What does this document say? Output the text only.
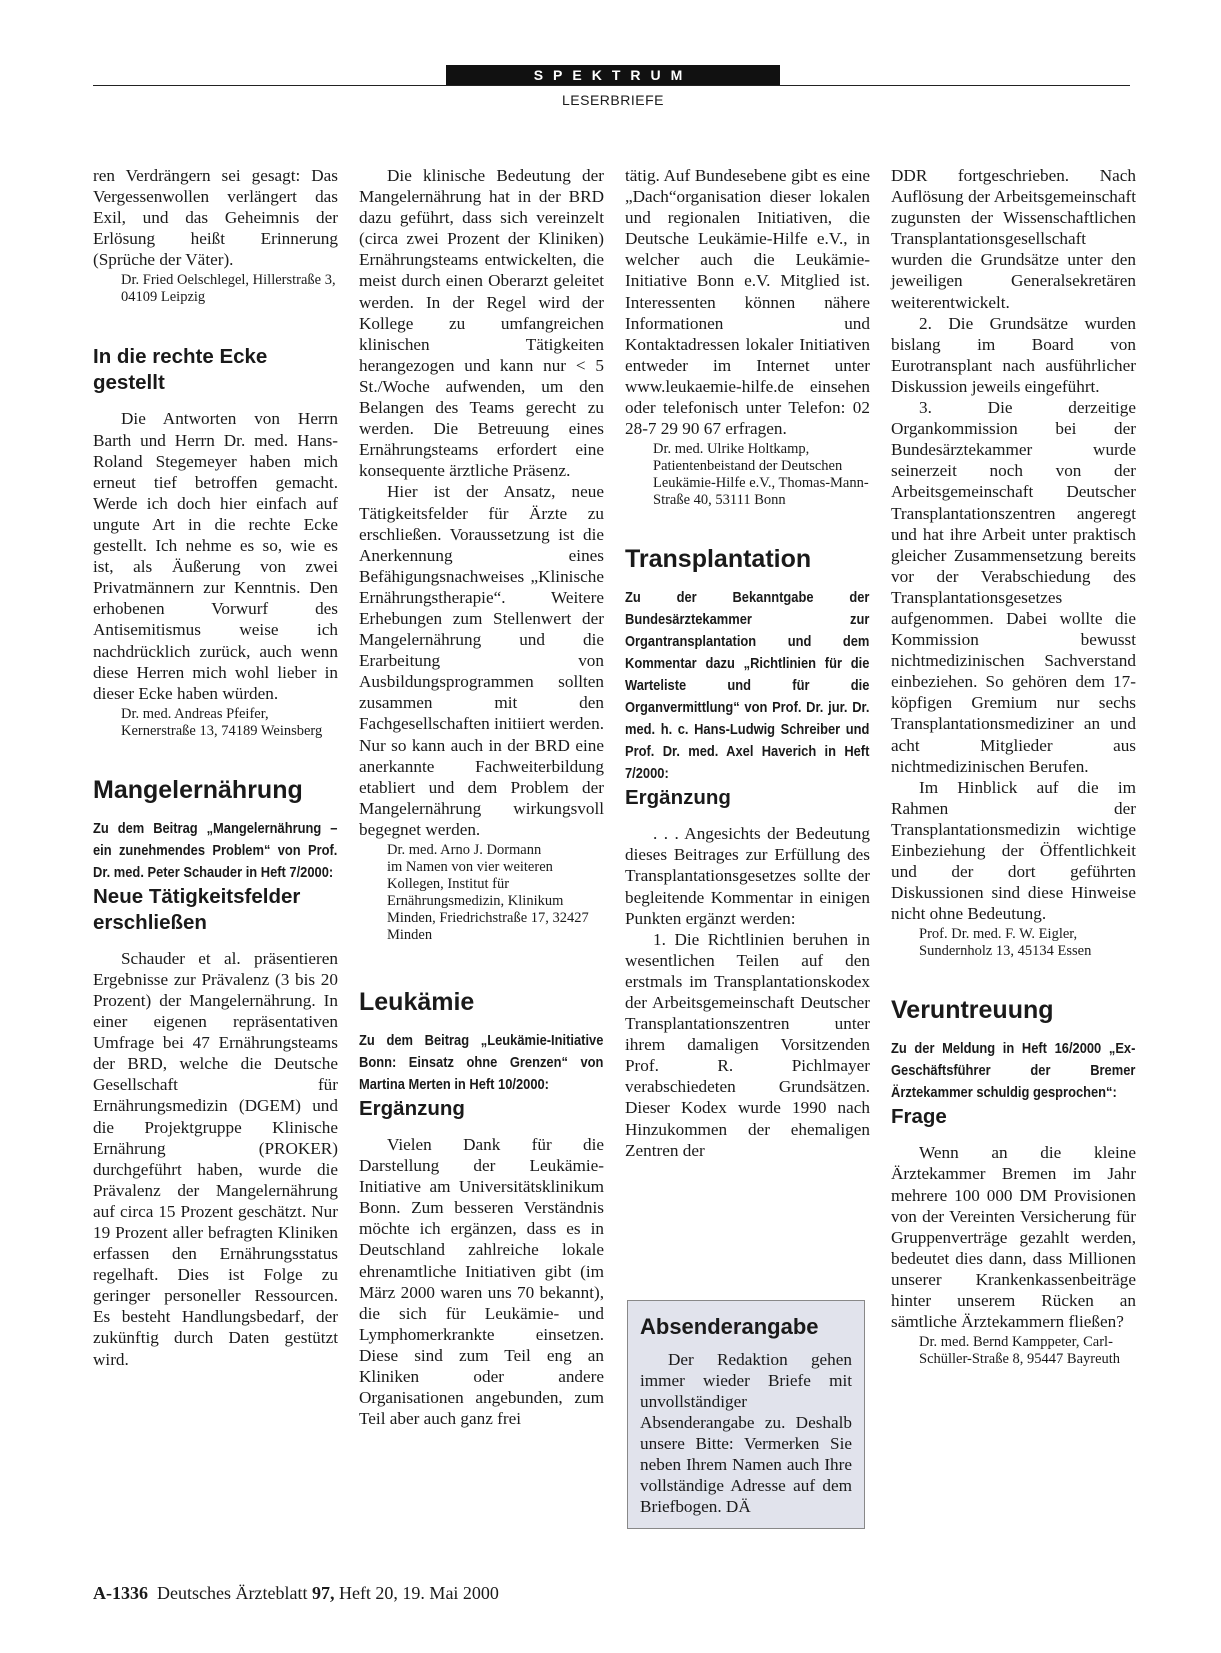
SPEKTRUM
LESERBRIEFE

ren Verdrängern sei gesagt: Das Vergessenwollen verlängert das Exil, und das Geheimnis der Erlösung heißt Erinnerung (Sprüche der Väter).

Dr. Fried Oelschlegel, Hillerstraße 3, 04109 Leipzig
In die rechte Ecke gestellt

Die Antworten von Herrn Barth und Herrn Dr. med. Hans-Roland Stegemeyer haben mich erneut tief betroffen gemacht. Werde ich doch hier einfach auf ungute Art in die rechte Ecke gestellt. Ich nehme es so, wie es ist, als Äußerung von zwei Privatmännern zur Kenntnis. Den erhobenen Vorwurf des Antisemitismus weise ich nachdrücklich zurück, auch wenn diese Herren mich wohl lieber in dieser Ecke haben würden.

Dr. med. Andreas Pfeifer, Kernerstraße 13, 74189 Weinsberg
Mangelernährung

Zu dem Beitrag „Mangelernährung – ein zunehmendes Problem“ von Prof. Dr. med. Peter Schauder in Heft 7/2000:

Neue Tätigkeitsfelder erschließen

Schauder et al. präsentieren Ergebnisse zur Prävalenz (3 bis 20 Prozent) der Mangelernährung. In einer eigenen repräsentativen Umfrage bei 47 Ernährungsteams der BRD, welche die Deutsche Gesellschaft für Ernährungsmedizin (DGEM) und die Projektgruppe Klinische Ernährung (PROKER) durchgeführt haben, wurde die Prävalenz der Mangelernährung auf circa 15 Prozent geschätzt. Nur 19 Prozent aller befragten Kliniken erfassen den Ernährungsstatus regelhaft. Dies ist Folge zu geringer personeller Ressourcen. Es besteht Handlungsbedarf, der zukünftig durch Daten gestützt wird.

Die klinische Bedeutung der Mangelernährung hat in der BRD dazu geführt, dass sich vereinzelt (circa zwei Prozent der Kliniken) Ernährungsteams entwickelten, die meist durch einen Oberarzt geleitet werden. In der Regel wird der Kollege zu umfangreichen klinischen Tätigkeiten herangezogen und kann nur < 5 St./Woche aufwenden, um den Belangen des Teams gerecht zu werden. Die Betreuung eines Ernährungsteams erfordert eine konsequente ärztliche Präsenz.

Hier ist der Ansatz, neue Tätigkeitsfelder für Ärzte zu erschließen. Voraussetzung ist die Anerkennung eines Befähigungsnachweises „Klinische Ernährungstherapie“. Weitere Erhebungen zum Stellenwert der Mangelernährung und die Erarbeitung von Ausbildungsprogrammen sollten zusammen mit den Fachgesellschaften initiiert werden. Nur so kann auch in der BRD eine anerkannte Fachweiterbildung etabliert und dem Problem der Mangelernährung wirkungsvoll begegnet werden.

Dr. med. Arno J. Dormann
im Namen von vier weiteren Kollegen, Institut für Ernährungsmedizin, Klinikum Minden, Friedrichstraße 17, 32427 Minden
Leukämie

Zu dem Beitrag „Leukämie-Initiative Bonn: Einsatz ohne Grenzen“ von Martina Merten in Heft 10/2000:

Ergänzung

Vielen Dank für die Darstellung der Leukämie-Initiative am Universitätsklinikum Bonn. Zum besseren Verständnis möchte ich ergänzen, dass es in Deutschland zahlreiche lokale ehrenamtliche Initiativen gibt (im März 2000 waren uns 70 bekannt), die sich für Leukämie- und Lymphomerkrankte einsetzen. Diese sind zum Teil eng an Kliniken oder andere Organisationen angebunden, zum Teil aber auch ganz frei

tätig. Auf Bundesebene gibt es eine „Dach“organisation dieser lokalen und regionalen Initiativen, die Deutsche Leukämie-Hilfe e.V., in welcher auch die Leukämie-Initiative Bonn e.V. Mitglied ist. Interessenten können nähere Informationen und Kontaktadressen lokaler Initiativen entweder im Internet unter www.leukaemie-hilfe.de einsehen oder telefonisch unter Telefon: 02 28-7 29 90 67 erfragen.

Dr. med. Ulrike Holtkamp, Patientenbeistand der Deutschen Leukämie-Hilfe e.V., Thomas-Mann-Straße 40, 53111 Bonn
Transplantation

Zu der Bekanntgabe der Bundesärztekammer zur Organtransplantation und dem Kommentar dazu „Richtlinien für die Warteliste und für die Organvermittlung“ von Prof. Dr. jur. Dr. med. h. c. Hans-Ludwig Schreiber und Prof. Dr. med. Axel Haverich in Heft 7/2000:

Ergänzung

. . . Angesichts der Bedeutung dieses Beitrages zur Erfüllung des Transplantationsgesetzes sollte der begleitende Kommentar in einigen Punkten ergänzt werden:

1. Die Richtlinien beruhen in wesentlichen Teilen auf den erstmals im Transplantationskodex der Arbeitsgemeinschaft Deutscher Transplantationszentren unter ihrem damaligen Vorsitzenden Prof. R. Pichlmayer verabschiedeten Grundsätzen. Dieser Kodex wurde 1990 nach Hinzukommen der ehemaligen Zentren der

Absenderangabe

Der Redaktion gehen immer wieder Briefe mit unvollständiger Absenderangabe zu. Deshalb unsere Bitte: Vermerken Sie neben Ihrem Namen auch Ihre vollständige Adresse auf dem Briefbogen. DÄ

DDR fortgeschrieben. Nach Auflösung der Arbeitsgemeinschaft zugunsten der Wissenschaftlichen Transplantationsgesellschaft wurden die Grundsätze unter den jeweiligen Generalsekretären weiterentwickelt.

2. Die Grundsätze wurden bislang im Board von Eurotransplant nach ausführlicher Diskussion jeweils eingeführt.

3. Die derzeitige Organkommission bei der Bundesärztekammer wurde seinerzeit noch von der Arbeitsgemeinschaft Deutscher Transplantationszentren angeregt und hat ihre Arbeit unter praktisch gleicher Zusammensetzung bereits vor der Verabschiedung des Transplantationsgesetzes aufgenommen. Dabei wollte die Kommission bewusst nichtmedizinischen Sachverstand einbeziehen. So gehören dem 17-köpfigen Gremium nur sechs Transplantationsmediziner an und acht Mitglieder aus nichtmedizinischen Berufen.

Im Hinblick auf die im Rahmen der Transplantationsmedizin wichtige Einbeziehung der Öffentlichkeit und der dort geführten Diskussionen sind diese Hinweise nicht ohne Bedeutung.

Prof. Dr. med. F. W. Eigler, Sundernholz 13, 45134 Essen
Veruntreuung

Zu der Meldung in Heft 16/2000 „Ex-Geschäftsführer der Bremer Ärztekammer schuldig gesprochen“:

Frage

Wenn an die kleine Ärztekammer Bremen im Jahr mehrere 100 000 DM Provisionen von der Vereinten Versicherung für Gruppenverträge gezahlt werden, bedeutet dies dann, dass Millionen unserer Krankenkassenbeiträge hinter unserem Rücken an sämtliche Ärztekammern fließen?

Dr. med. Bernd Kamppeter, Carl-Schüller-Straße 8, 95447 Bayreuth
A-1336 Deutsches Ärzteblatt 97, Heft 20, 19. Mai 2000
